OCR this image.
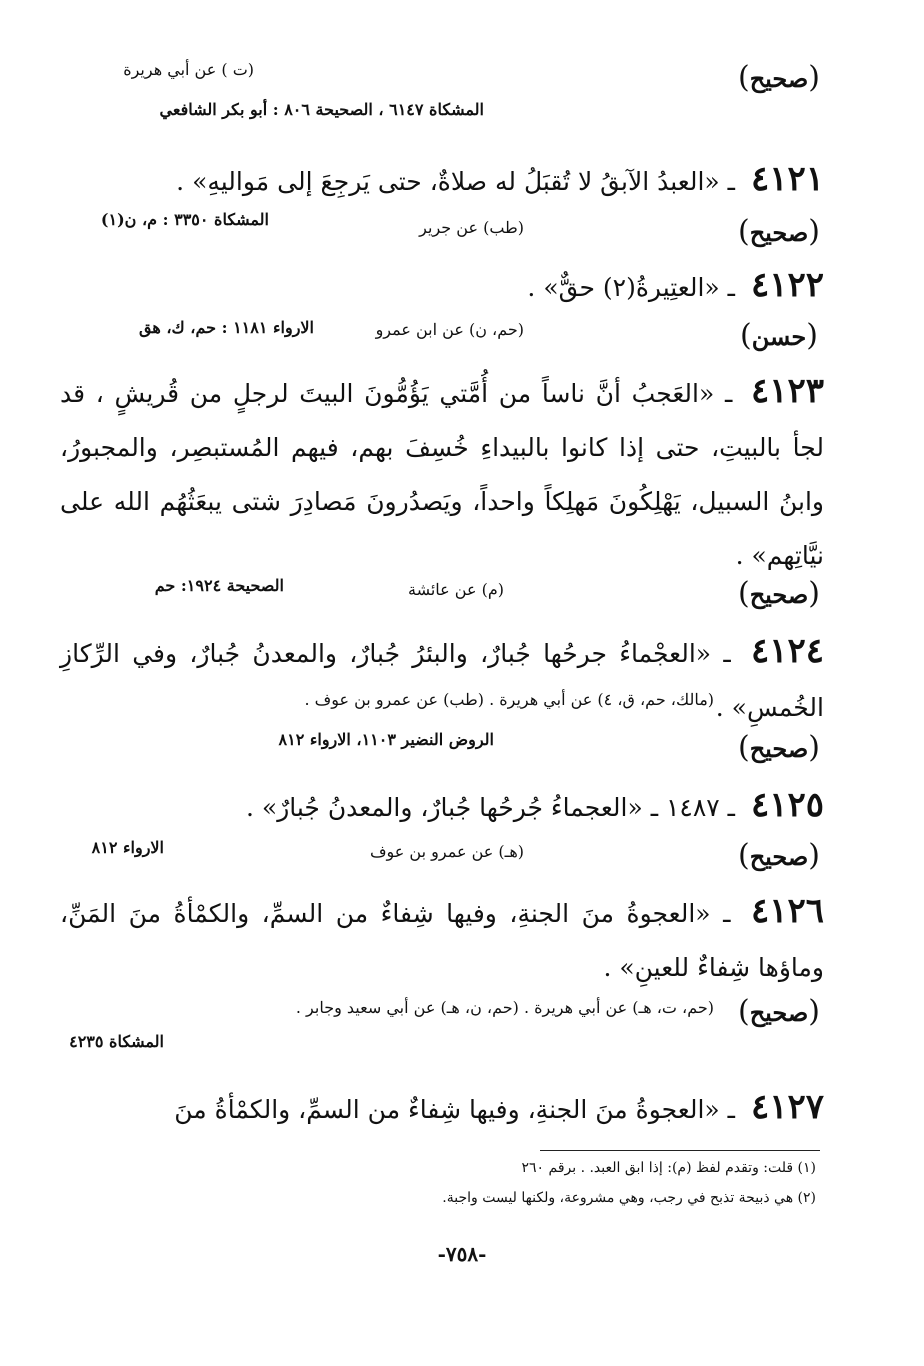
(صحيح)
(ت ) عن أبي هريرة
المشكاة ٦١٤٧ ، الصحيحة ٨٠٦ : أبو بكر الشافعي
٤١٢١ ـ «العبدُ الآبقُ لا تُقبَلُ له صلاةٌ، حتى يَرجِعَ إلى مَواليهِ» .
(صحيح)
(طب) عن جرير
المشكاة ٣٣٥٠ : م، ن(١)
٤١٢٢ ـ «العتِيرةُ(٢) حقٌّ» .
(حسن)
(حم، ن) عن ابن عمرو
الارواء ١١٨١ : حم، ك، هق
٤١٢٣ ـ «العَجبُ أنَّ ناساً من أُمَّتي يَؤُمُّونَ البيتَ لرجلٍ من قُريشٍ ، قد لجأ بالبيتِ، حتى إذا كانوا بالبيداءِ خُسِفَ بهم، فيهم المُستبصِر، والمجبورُ، وابنُ السبيل، يَهْلِكُونَ مَهلِكاً واحداً، ويَصدُرونَ مَصادِرَ شتى يبعَثُهُم الله على نيَّاتِهم» .
(صحيح)
(م) عن عائشة
الصحيحة ١٩٢٤: حم
٤١٢٤ ـ «العجْماءُ جرحُها جُبارٌ، والبئرُ جُبارٌ، والمعدنُ جُبارٌ، وفي الرِّكازِ الخُمسِ» .
(مالك، حم، ق، ٤) عن أبي هريرة . (طب) عن عمرو بن عوف .
(صحيح)
الروض النضير ١١٠٣، الارواء ٨١٢
٤١٢٥ ـ ١٤٨٧ ـ «العجماءُ جُرحُها جُبارٌ، والمعدنُ جُبارٌ» .
(صحيح)
(هـ) عن عمرو بن عوف
الارواء ٨١٢
٤١٢٦ ـ «العجوةُ منَ الجنةِ، وفيها شِفاءٌ من السمِّ، والكمْأةُ منَ المَنِّ، وماؤها شِفاءٌ للعينِ» .
(صحيح)
(حم، ت، هـ) عن أبي هريرة . (حم، ن، هـ) عن أبي سعيد وجابر .
المشكاة ٤٢٣٥
٤١٢٧ ـ «العجوةُ منَ الجنةِ، وفيها شِفاءٌ من السمِّ، والكمْأةُ منَ
(١) قلت: وتقدم لفظ (م): إذا ابق العبد. . برقم ٢٦٠
(٢) هي ذبيحة تذبح في رجب، وهي مشروعة، ولكنها ليست واجبة.
-٧٥٨-
